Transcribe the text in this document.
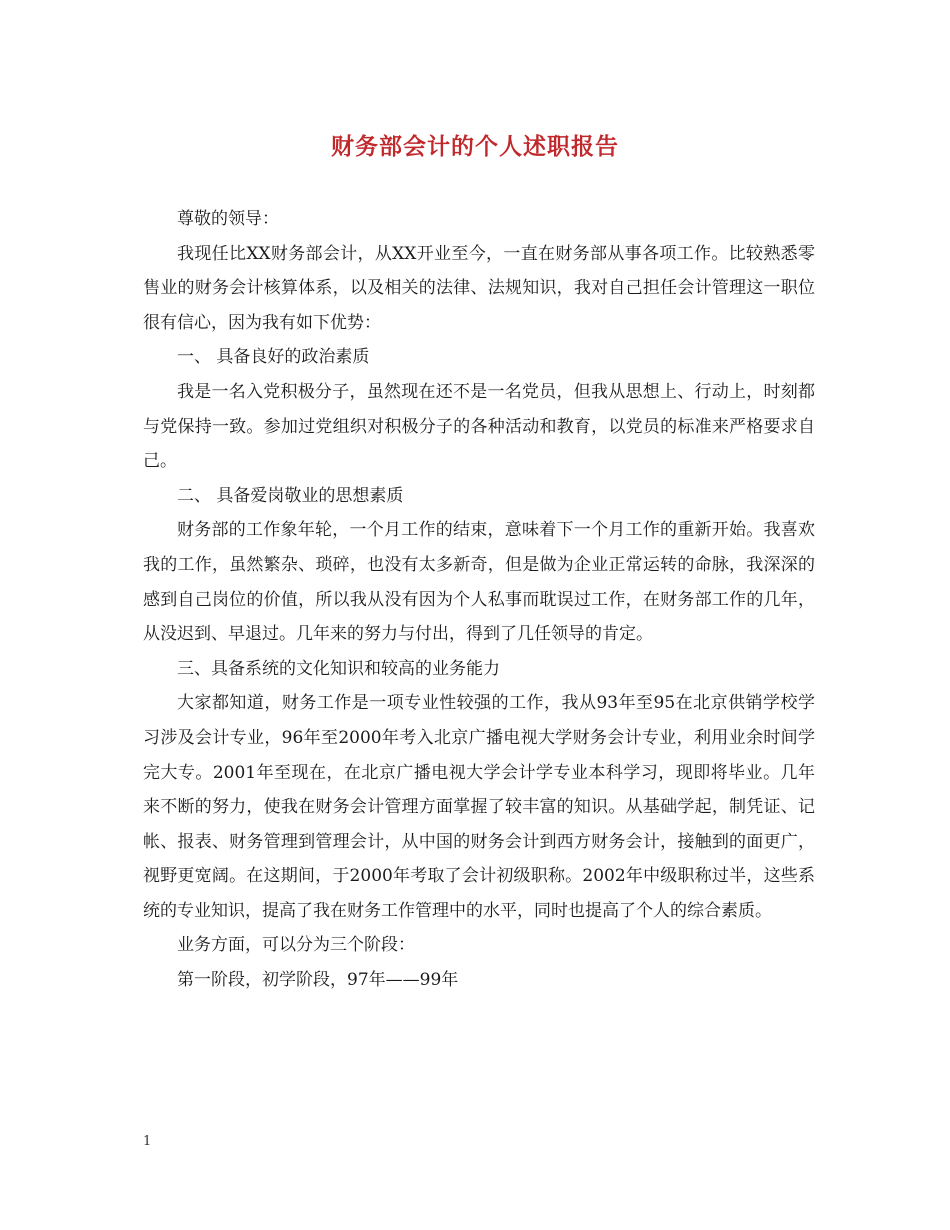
财务部会计的个人述职报告

尊敬的领导：

我现任比XX财务部会计，从XX开业至今，一直在财务部从事各项工作。比较熟悉零售业的财务会计核算体系，以及相关的法律、法规知识，我对自己担任会计管理这一职位很有信心，因为我有如下优势：

一、 具备良好的政治素质

我是一名入党积极分子，虽然现在还不是一名党员，但我从思想上、行动上，时刻都与党保持一致。参加过党组织对积极分子的各种活动和教育，以党员的标准来严格要求自己。

二、 具备爱岗敬业的思想素质

财务部的工作象年轮，一个月工作的结束，意味着下一个月工作的重新开始。我喜欢我的工作，虽然繁杂、琐碎，也没有太多新奇，但是做为企业正常运转的命脉，我深深的感到自己岗位的价值，所以我从没有因为个人私事而耽误过工作，在财务部工作的几年，从没迟到、早退过。几年来的努力与付出，得到了几任领导的肯定。

三、具备系统的文化知识和较高的业务能力

大家都知道，财务工作是一项专业性较强的工作，我从93年至95在北京供销学校学习涉及会计专业，96年至2000年考入北京广播电视大学财务会计专业，利用业余时间学完大专。2001年至现在，在北京广播电视大学会计学专业本科学习，现即将毕业。几年来不断的努力，使我在财务会计管理方面掌握了较丰富的知识。从基础学起，制凭证、记帐、报表、财务管理到管理会计，从中国的财务会计到西方财务会计，接触到的面更广，视野更宽阔。在这期间，于2000年考取了会计初级职称。2002年中级职称过半，这些系统的专业知识，提高了我在财务工作管理中的水平，同时也提高了个人的综合素质。

业务方面，可以分为三个阶段：

第一阶段，初学阶段，97年——99年

1
